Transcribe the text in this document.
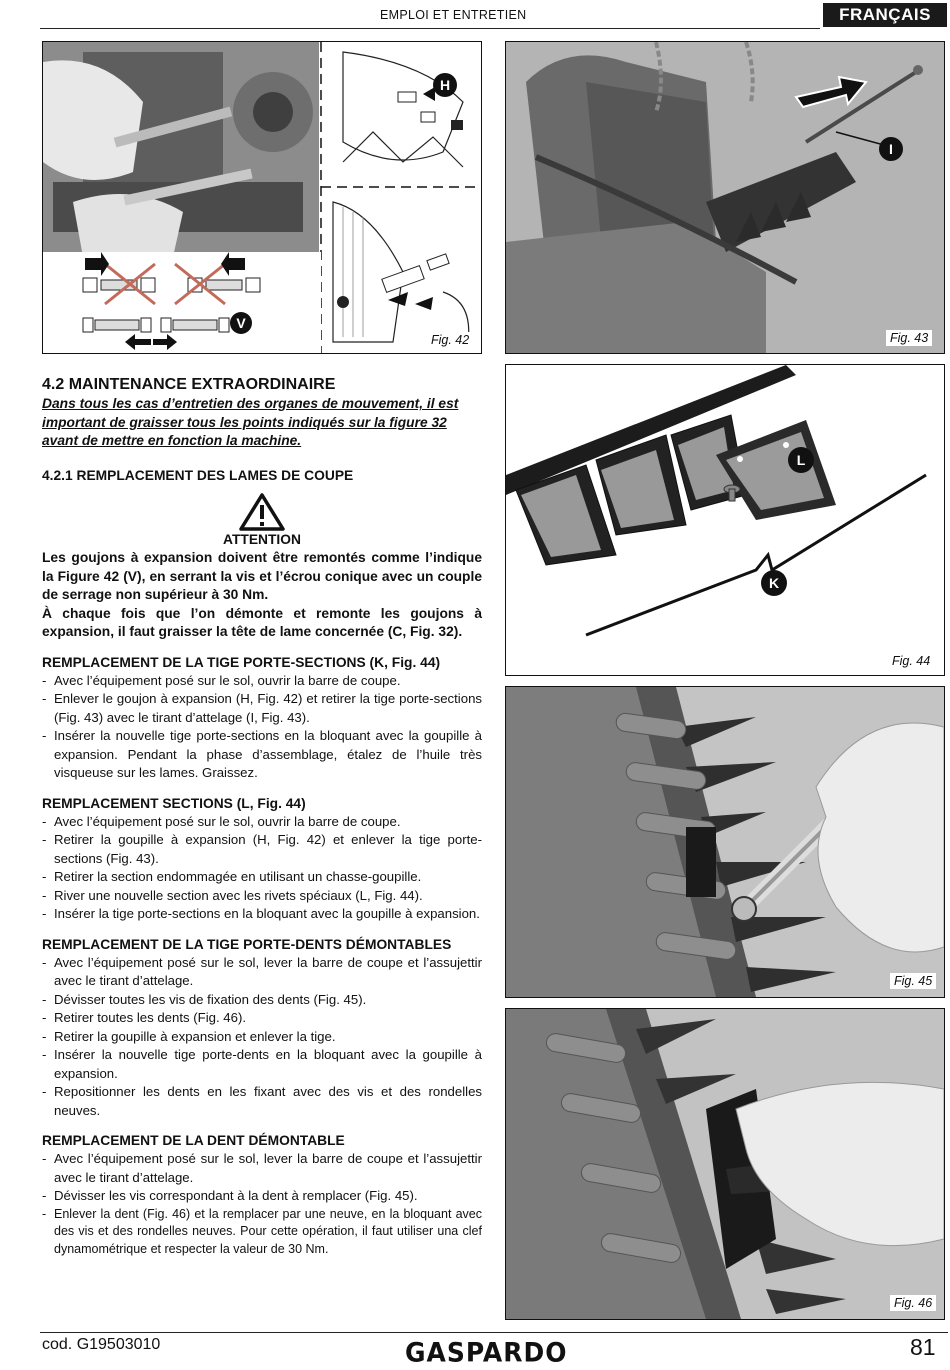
EMPLOI ET ENTRETIEN	FRANÇAIS
V
H
Fig. 42
I
Fig. 43
L
K
Fig. 44
Fig. 45
Fig. 46
4.2 MAINTENANCE EXTRAORDINAIRE
Dans tous les cas d’entretien des organes de mouvement, il est important de graisser tous les points indiqués sur la figure 32 avant de mettre en fonction la machine.
4.2.1 REMPLACEMENT DES LAMES DE COUPE
ATTENTION
Les goujons à expansion doivent être remontés comme l’indique la Figure 42 (V), en serrant la vis et l’écrou conique avec un couple de serrage non supérieur à 30 Nm.
À chaque fois que l’on démonte et remonte les goujons à expansion, il faut graisser la tête de lame concernée (C, Fig. 32).
REMPLACEMENT DE LA TIGE PORTE-SECTIONS (K, Fig. 44)
- Avec l’équipement posé sur le sol, ouvrir la barre de coupe.
- Enlever le goujon à expansion (H, Fig. 42) et retirer la tige porte-sections (Fig. 43) avec le tirant d’attelage (I, Fig. 43).
- Insérer la nouvelle tige porte-sections en la bloquant avec la goupille à expansion. Pendant la phase d’assemblage, étalez de l’huile très visqueuse sur les lames. Graissez.
REMPLACEMENT SECTIONS (L, Fig. 44)
- Avec l’équipement posé sur le sol, ouvrir la barre de coupe.
- Retirer la goupille à expansion (H, Fig. 42) et enlever la tige porte-sections (Fig. 43).
- Retirer la section endommagée en utilisant un chasse-goupille.
- River une nouvelle section avec les rivets spéciaux (L, Fig. 44).
- Insérer la tige porte-sections en la bloquant avec la goupille à expansion.
REMPLACEMENT DE LA TIGE PORTE-DENTS DÉMONTABLES
- Avec l’équipement posé sur le sol, lever la barre de coupe et l’assujettir avec le tirant d’attelage.
- Dévisser toutes les vis de fixation des dents (Fig. 45).
- Retirer toutes les dents (Fig. 46).
- Retirer la goupille à expansion et enlever la tige.
- Insérer la nouvelle tige porte-dents en la bloquant avec la goupille à expansion.
- Repositionner les dents en les fixant avec des vis et des rondelles neuves.
REMPLACEMENT DE LA DENT DÉMONTABLE
- Avec l’équipement posé sur le sol, lever la barre de coupe et l’assujettir avec le tirant d’attelage.
- Dévisser les vis correspondant à la dent à remplacer (Fig. 45).
- Enlever la dent (Fig. 46) et la remplacer par une neuve, en la bloquant avec des vis et des rondelles neuves. Pour cette opération, il faut utiliser una clef dynamométrique et respecter la valeur de 30 Nm.
cod. G19503010	GASPARDO	81
